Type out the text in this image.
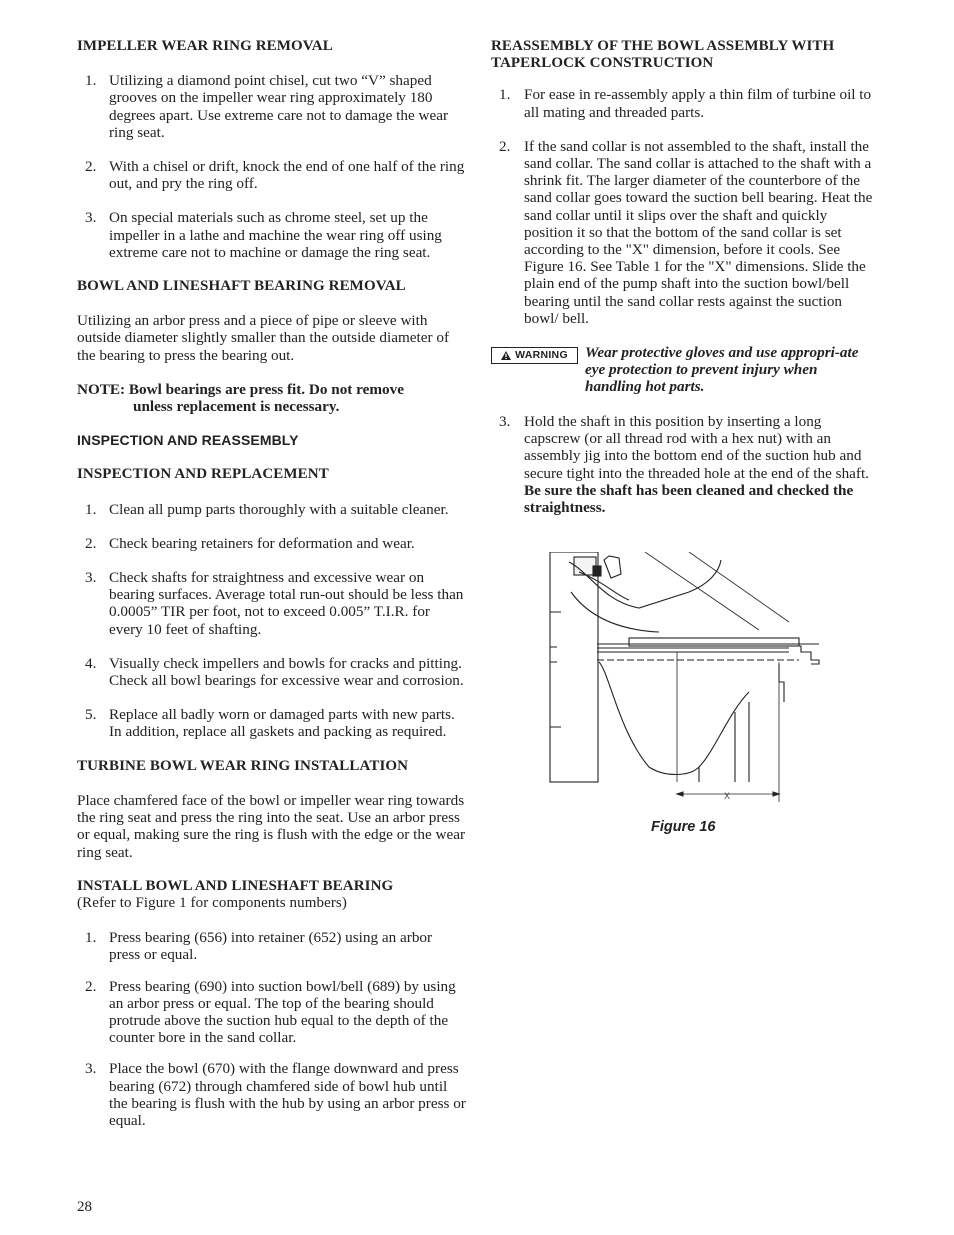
IMPELLER WEAR RING REMOVAL
1. Utilizing a diamond point chisel, cut two “V” shaped grooves on the impeller wear ring approximately 180 degrees apart. Use extreme care not to damage the wear ring seat.
2. With a chisel or drift, knock the end of one half of the ring out, and pry the ring off.
3. On special materials such as chrome steel, set up the impeller in a lathe and machine the wear ring off using extreme care not to machine or damage the ring seat.
BOWL AND LINESHAFT BEARING REMOVAL

Utilizing an arbor press and a piece of pipe or sleeve with outside diameter slightly smaller than the outside diameter of the bearing to press the bearing out.

NOTE: Bowl bearings are press fit. Do not remove
unless replacement is necessary.
INSPECTION AND REASSEMBLY
INSPECTION AND REPLACEMENT
1. Clean all pump parts thoroughly with a suitable cleaner.
2. Check bearing retainers for deformation and wear.
3. Check shafts for straightness and excessive wear on bearing surfaces. Average total run-out should be less than 0.0005” TIR per foot, not to exceed 0.005” T.I.R. for every 10 feet of shafting.
4. Visually check impellers and bowls for cracks and pitting. Check all bowl bearings for excessive wear and corrosion.
5. Replace all badly worn or damaged parts with new parts. In addition, replace all gaskets and packing as required.
TURBINE BOWL WEAR RING INSTALLATION

Place chamfered face of the bowl or impeller wear ring towards the ring seat and press the ring into the seat. Use an arbor press or equal, making sure the ring is flush with the edge or the wear ring seat.

INSTALL BOWL AND LINESHAFT BEARING
(Refer to Figure 1 for components numbers)
1. Press bearing (656) into retainer (652) using an arbor press or equal.
2. Press bearing (690) into suction bowl/bell (689) by using an arbor press or equal. The top of the bearing should protrude above the suction hub equal to the depth of the counter bore in the sand collar.
3. Place the bowl (670) with the flange downward and press bearing (672) through chamfered side of bowl hub until the bearing is flush with the hub by using an arbor press or equal.
REASSEMBLY OF THE BOWL ASSEMBLY WITH TAPERLOCK CONSTRUCTION
1. For ease in re-assembly apply a thin film of turbine oil to all mating and threaded parts.
2. If the sand collar is not assembled to the shaft, install the sand collar. The sand collar is attached to the shaft with a shrink fit. The larger diameter of the counterbore of the sand collar goes toward the suction bell bearing. Heat the sand collar until it slips over the shaft and quickly position it so that the bottom of the sand collar is set according to the "X" dimension, before it cools. See Figure 16. See Table 1 for the "X" dimensions. Slide the plain end of the pump shaft into the suction bowl/bell bearing until the sand collar rests against the suction bowl/ bell.
WARNING Wear protective gloves and use appropri-ate eye protection to prevent injury when handling hot parts.
3. Hold the shaft in this position by inserting a long capscrew (or all thread rod with a hex nut) with an assembly jig into the bottom end of the suction hub and secure tight into the threaded hole at the end of the shaft. Be sure the shaft has been cleaned and checked the straightness.
X
Figure 16
28
